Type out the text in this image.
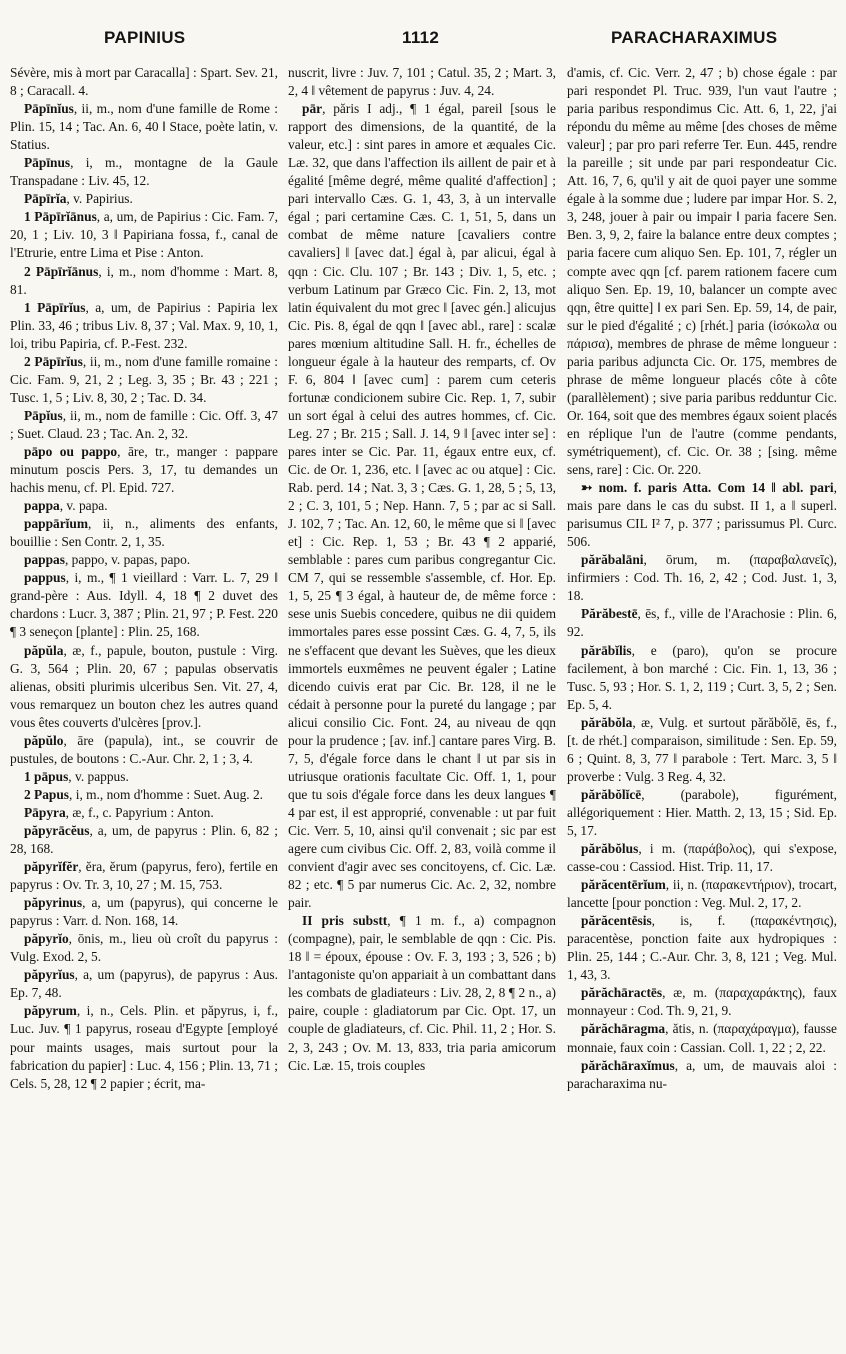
PAPINIUS	1112	PARACHARAXIMUS

Sévère, mis à mort par Caracalla] : Spart. Sev. 21, 8 ; Caracall. 4.

Pāpīnĭus, ii, m., nom d'une famille de Rome : Plin. 15, 14 ; Tac. An. 6, 40 ‖ Stace, poète latin, v. Statius.

Pāpīnus, i, m., montagne de la Gaule Transpadane : Liv. 45, 12.

Pāpīrĭa, v. Papirius.

1 Pāpīrĭānus, a, um, de Papirius : Cic. Fam. 7, 20, 1 ; Liv. 10, 3 ‖ Papiriana fossa, f., canal de l'Etrurie, entre Lima et Pise : Anton.

2 Pāpīrĭānus, i, m., nom d'homme : Mart. 8, 81.

1 Pāpīrĭus, a, um, de Papirius : Papiria lex Plin. 33, 46 ; tribus Liv. 8, 37 ; Val. Max. 9, 10, 1, loi, tribu Papiria, cf. P.-Fest. 232.

2 Pāpīrĭus, ii, m., nom d'une famille romaine : Cic. Fam. 9, 21, 2 ; Leg. 3, 35 ; Br. 43 ; 221 ; Tusc. 1, 5 ; Liv. 8, 30, 2 ; Tac. D. 34.

Pāpĭus, ii, m., nom de famille : Cic. Off. 3, 47 ; Suet. Claud. 23 ; Tac. An. 2, 32.

pāpo ou pappo, āre, tr., manger : pappare minutum poscis Pers. 3, 17, tu demandes un hachis menu, cf. Pl. Epid. 727.

pappa, v. papa.

pappārĭum, ii, n., aliments des enfants, bouillie : Sen Contr. 2, 1, 35.

pappas, pappo, v. papas, papo.

pappus, i, m., ¶ 1 vieillard : Varr. L. 7, 29 ‖ grand-père : Aus. Idyll. 4, 18 ¶ 2 duvet des chardons : Lucr. 3, 387 ; Plin. 21, 97 ; P. Fest. 220 ¶ 3 seneçon [plante] : Plin. 25, 168.

păpŭla, æ, f., papule, bouton, pustule : Virg. G. 3, 564 ; Plin. 20, 67 ; papulas observatis alienas, obsiti plurimis ulceribus Sen. Vit. 27, 4, vous remarquez un bouton chez les autres quand vous êtes couverts d'ulcères [prov.].

păpŭlo, āre (papula), int., se couvrir de pustules, de boutons : C.-Aur. Chr. 2, 1 ; 3, 4.

1 pāpus, v. pappus.

2 Papus, i, m., nom d'homme : Suet. Aug. 2.

Pāpyra, æ, f., c. Papyrium : Anton.

păpyrācĕus, a, um, de papyrus : Plin. 6, 82 ; 28, 168.

păpyrĭfĕr, ĕra, ĕrum (papyrus, fero), fertile en papyrus : Ov. Tr. 3, 10, 27 ; M. 15, 753.

păpyrinus, a, um (papyrus), qui concerne le papyrus : Varr. d. Non. 168, 14.

păpyrĭo, ōnis, m., lieu où croît du papyrus : Vulg. Exod. 2, 5.

păpyrĭus, a, um (papyrus), de papyrus : Aus. Ep. 7, 48.

păpyrum, i, n., Cels. Plin. et păpyrus, i, f., Luc. Juv. ¶ 1 papyrus, roseau d'Egypte [employé pour maints usages, mais surtout pour la fabrication du papier] : Luc. 4, 156 ; Plin. 13, 71 ; Cels. 5, 28, 12 ¶ 2 papier ; écrit, ma-

nuscrit, livre : Juv. 7, 101 ; Catul. 35, 2 ; Mart. 3, 2, 4 ‖ vêtement de papyrus : Juv. 4, 24.

pār, păris I adj., ¶ 1 égal, pareil [sous le rapport des dimensions, de la quantité, de la valeur, etc.] : sint pares in amore et æquales Cic. Læ. 32, que dans l'affection ils aillent de pair et à égalité [même degré, même qualité d'affection] ; pari intervallo Cæs. G. 1, 43, 3, à un intervalle égal ; pari certamine Cæs. C. 1, 51, 5, dans un combat de même nature [cavaliers contre cavaliers] ‖ [avec dat.] égal à, par alicui, égal à qqn : Cic. Clu. 107 ; Br. 143 ; Div. 1, 5, etc. ; verbum Latinum par Græco Cic. Fin. 2, 13, mot latin équivalent du mot grec ‖ [avec gén.] alicujus Cic. Pis. 8, égal de qqn ‖ [avec abl., rare] : scalæ pares mœnium altitudine Sall. H. fr., échelles de longueur égale à la hauteur des remparts, cf. Ov F. 6, 804 ‖ [avec cum] : parem cum ceteris fortunæ condicionem subire Cic. Rep. 1, 7, subir un sort égal à celui des autres hommes, cf. Cic. Leg. 27 ; Br. 215 ; Sall. J. 14, 9 ‖ [avec inter se] : pares inter se Cic. Par. 11, égaux entre eux, cf. Cic. de Or. 1, 236, etc. ‖ [avec ac ou atque] : Cic. Rab. perd. 14 ; Nat. 3, 3 ; Cæs. G. 1, 28, 5 ; 5, 13, 2 ; C. 3, 101, 5 ; Nep. Hann. 7, 5 ; par ac si Sall. J. 102, 7 ; Tac. An. 12, 60, le même que si ‖ [avec et] : Cic. Rep. 1, 53 ; Br. 43 ¶ 2 apparié, semblable : pares cum paribus congregantur Cic. CM 7, qui se ressemble s'assemble, cf. Hor. Ep. 1, 5, 25 ¶ 3 égal, à hauteur de, de même force : sese unis Suebis concedere, quibus ne dii quidem immortales pares esse possint Cæs. G. 4, 7, 5, ils ne s'effacent que devant les Suèves, que les dieux immortels euxmêmes ne peuvent égaler ; Latine dicendo cuivis erat par Cic. Br. 128, il ne le cédait à personne pour la pureté du langage ; par alicui consilio Cic. Font. 24, au niveau de qqn pour la prudence ; [av. inf.] cantare pares Virg. B. 7, 5, d'égale force dans le chant ‖ ut par sis in utriusque orationis facultate Cic. Off. 1, 1, pour que tu sois d'égale force dans les deux langues ¶ 4 par est, il est approprié, convenable : ut par fuit Cic. Verr. 5, 10, ainsi qu'il convenait ; sic par est agere cum civibus Cic. Off. 2, 83, voilà comme il convient d'agir avec ses concitoyens, cf. Cic. Læ. 82 ; etc. ¶ 5 par numerus Cic. Ac. 2, 32, nombre pair.

II pris substt, ¶ 1 m. f., a) compagnon (compagne), pair, le semblable de qqn : Cic. Pis. 18 ‖ = époux, épouse : Ov. F. 3, 193 ; 3, 526 ; b) l'antagoniste qu'on appariait à un combattant dans les combats de gladiateurs : Liv. 28, 2, 8 ¶ 2 n., a) paire, couple : gladiatorum par Cic. Opt. 17, un couple de gladiateurs, cf. Cic. Phil. 11, 2 ; Hor. S. 2, 3, 243 ; Ov. M. 13, 833, tria paria amicorum Cic. Læ. 15, trois couples

d'amis, cf. Cic. Verr. 2, 47 ; b) chose égale : par pari respondet Pl. Truc. 939, l'un vaut l'autre ; paria paribus respondimus Cic. Att. 6, 1, 22, j'ai répondu du même au même [des choses de même valeur] ; par pro pari referre Ter. Eun. 445, rendre la pareille ; sit unde par pari respondeatur Cic. Att. 16, 7, 6, qu'il y ait de quoi payer une somme égale à la somme due ; ludere par impar Hor. S. 2, 3, 248, jouer à pair ou impair ‖ paria facere Sen. Ben. 3, 9, 2, faire la balance entre deux comptes ; paria facere cum aliquo Sen. Ep. 101, 7, régler un compte avec qqn [cf. parem rationem facere cum aliquo Sen. Ep. 19, 10, balancer un compte avec qqn, être quitte] ‖ ex pari Sen. Ep. 59, 14, de pair, sur le pied d'égalité ; c) [rhét.] paria (ἰσόκωλα ou πάρισα), membres de phrase de même longueur : paria paribus adjuncta Cic. Or. 175, membres de phrase de même longueur placés côte à côte (parallèlement) ; sive paria paribus redduntur Cic. Or. 164, soit que des membres égaux soient placés en réplique l'un de l'autre (comme pendants, symétriquement), cf. Cic. Or. 38 ; [sing. même sens, rare] : Cic. Or. 220.

➳ nom. f. paris Atta. Com 14 ‖ abl. pari, mais pare dans le cas du subst. II 1, a ‖ superl. parisumus CIL I² 7, p. 377 ; parissumus Pl. Curc. 506.

părăbalāni, ōrum, m. (παραβαλανεῖς), infirmiers : Cod. Th. 16, 2, 42 ; Cod. Just. 1, 3, 18.

Părăbestē, ēs, f., ville de l'Arachosie : Plin. 6, 92.

părābĭlis, e (paro), qu'on se procure facilement, à bon marché : Cic. Fin. 1, 13, 36 ; Tusc. 5, 93 ; Hor. S. 1, 2, 119 ; Curt. 3, 5, 2 ; Sen. Ep. 5, 4.

părăbŏla, æ, Vulg. et surtout părăbŏlē, ēs, f., [t. de rhét.] comparaison, similitude : Sen. Ep. 59, 6 ; Quint. 8, 3, 77 ‖ parabole : Tert. Marc. 3, 5 ‖ proverbe : Vulg. 3 Reg. 4, 32.

părăbŏlĭcē, (parabole), figurément, allégoriquement : Hier. Matth. 2, 13, 15 ; Sid. Ep. 5, 17.

părăbŏlus, i m. (παράβολος), qui s'expose, casse-cou : Cassiod. Hist. Trip. 11, 17.

părăcentērĭum, ii, n. (παρακεντήριον), trocart, lancette [pour ponction : Veg. Mul. 2, 17, 2.

părăcentēsis, is, f. (παρακέντησις), paracentèse, ponction faite aux hydropiques : Plin. 25, 144 ; C.-Aur. Chr. 3, 8, 121 ; Veg. Mul. 1, 43, 3.

părăchāractēs, æ, m. (παραχαράκτης), faux monnayeur : Cod. Th. 9, 21, 9.

părăchāragma, ătis, n. (παραχάραγμα), fausse monnaie, faux coin : Cassian. Coll. 1, 22 ; 2, 22.

părăchāraxĭmus, a, um, de mauvais aloi : paracharaxima nu-
